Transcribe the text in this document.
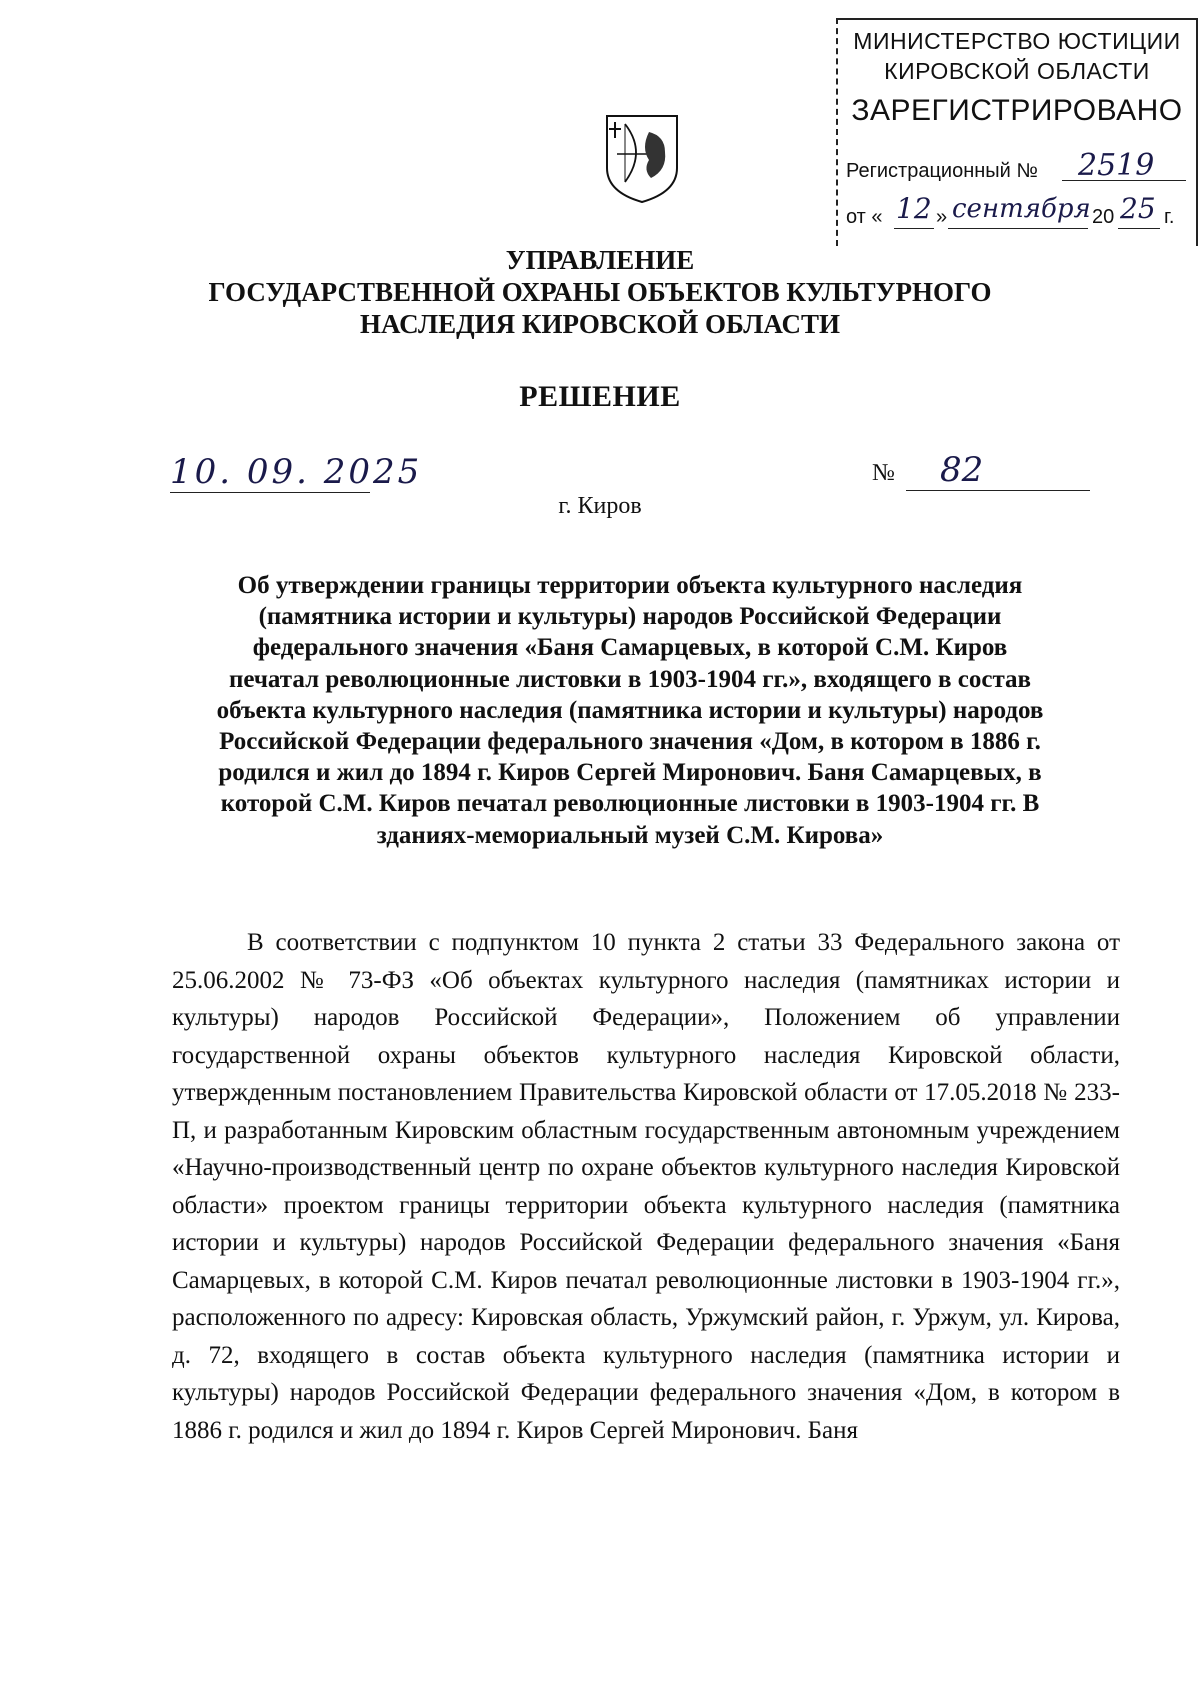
МИНИСТЕРСТВО ЮСТИЦИИ
КИРОВСКОЙ ОБЛАСТИ
ЗАРЕГИСТРИРОВАНО
Регистрационный № 2519
от « 12 » сентября 20 25 г.
УПРАВЛЕНИЕ
ГОСУДАРСТВЕННОЙ ОХРАНЫ ОБЪЕКТОВ КУЛЬТУРНОГО
НАСЛЕДИЯ КИРОВСКОЙ ОБЛАСТИ
РЕШЕНИЕ
10. 09. 2025	№ 82
г. Киров
Об утверждении границы территории объекта культурного наследия
(памятника истории и культуры) народов Российской Федерации
федерального значения «Баня Самарцевых, в которой С.М. Киров
печатал революционные листовки в 1903-1904 гг.», входящего в состав
объекта культурного наследия (памятника истории и культуры) народов
Российской Федерации федерального значения «Дом, в котором в 1886 г.
родился и жил до 1894 г. Киров Сергей Миронович. Баня Самарцевых, в
которой С.М. Киров печатал революционные листовки в 1903-1904 гг. В
зданиях-мемориальный музей С.М. Кирова»

В соответствии с подпунктом 10 пункта 2 статьи 33 Федерального закона от 25.06.2002 № 73-ФЗ «Об объектах культурного наследия (памятниках истории и культуры) народов Российской Федерации», Положением об управлении государственной охраны объектов культурного наследия Кировской области, утвержденным постановлением Правительства Кировской области от 17.05.2018 № 233-П, и разработанным Кировским областным государственным автономным учреждением «Научно-производственный центр по охране объектов культурного наследия Кировской области» проектом границы территории объекта культурного наследия (памятника истории и культуры) народов Российской Федерации федерального значения «Баня Самарцевых, в которой С.М. Киров печатал революционные листовки в 1903-1904 гг.», расположенного по адресу: Кировская область, Уржумский район, г. Уржум, ул. Кирова, д. 72, входящего в состав объекта культурного наследия (памятника истории и культуры) народов Российской Федерации федерального значения «Дом, в котором в 1886 г. родился и жил до 1894 г. Киров Сергей Миронович. Баня
